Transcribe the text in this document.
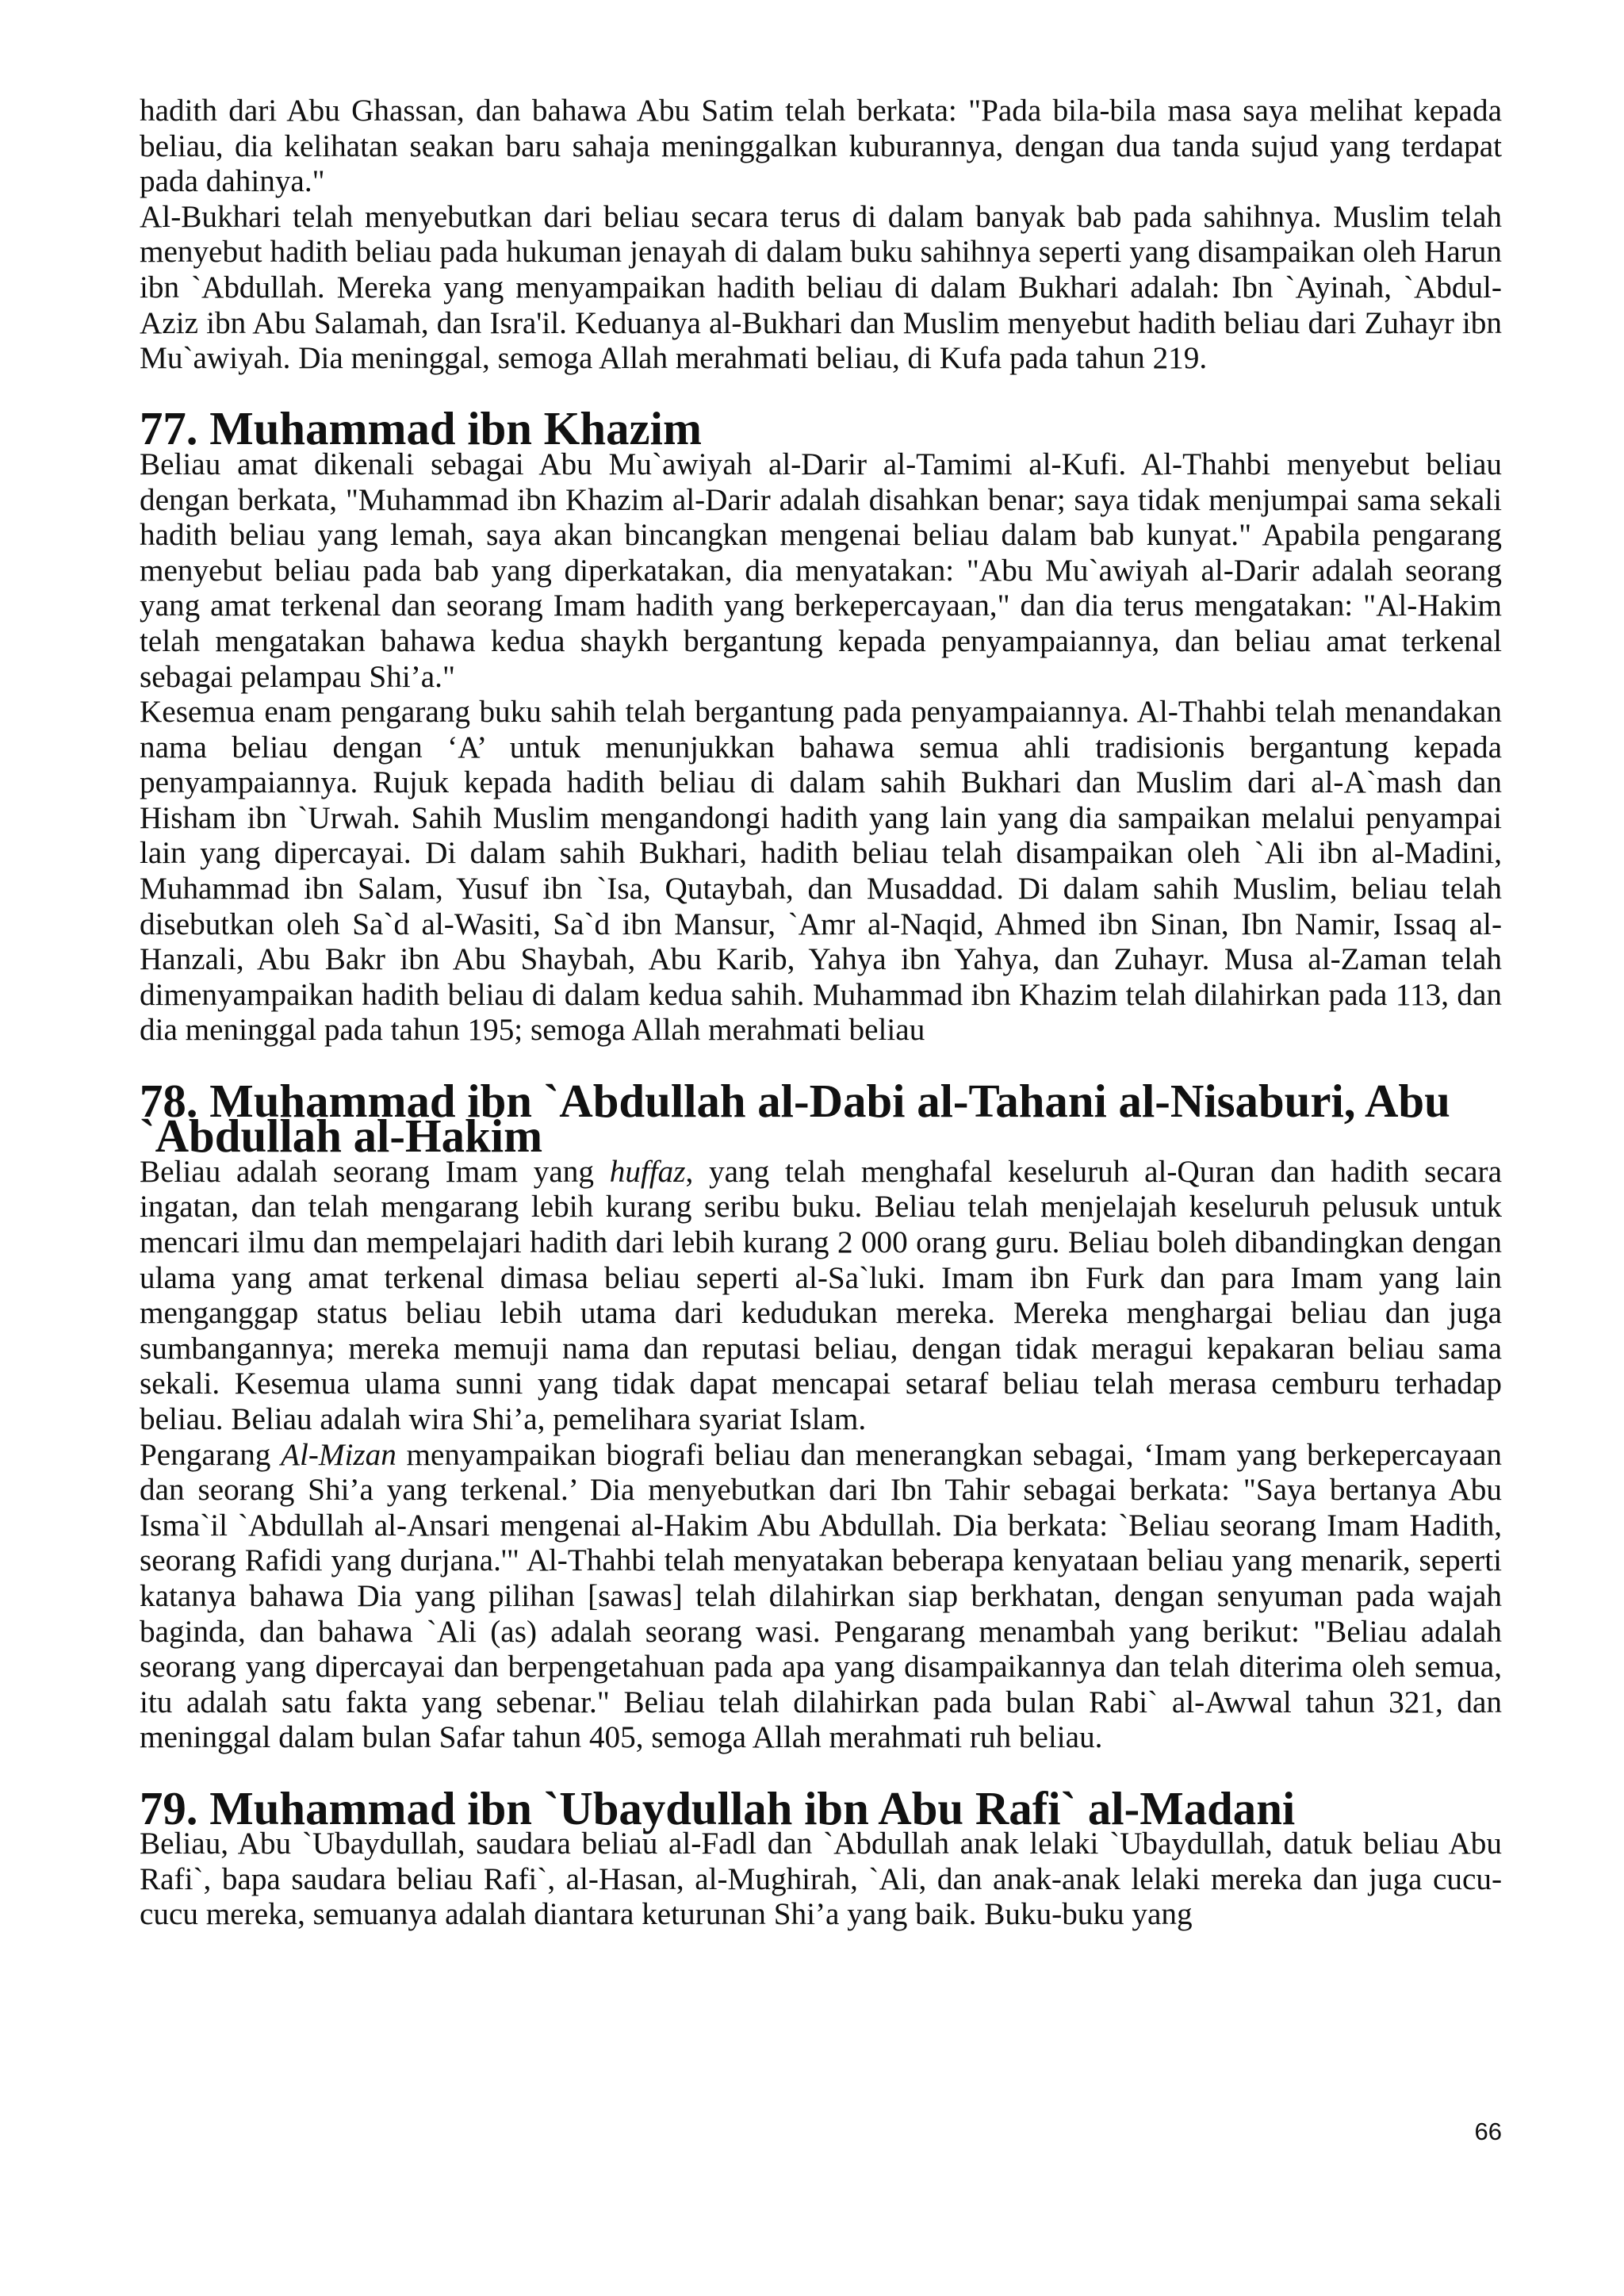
hadith dari Abu Ghassan, dan bahawa Abu Satim telah berkata: "Pada bila-bila masa saya melihat kepada beliau, dia kelihatan seakan baru sahaja meninggalkan kuburannya, dengan dua tanda sujud yang terdapat pada dahinya."

Al-Bukhari telah menyebutkan dari beliau secara terus di dalam banyak bab pada sahihnya. Muslim telah menyebut hadith beliau pada hukuman jenayah di dalam buku sahihnya seperti yang disampaikan oleh Harun ibn `Abdullah. Mereka yang menyampaikan hadith beliau di dalam Bukhari adalah: Ibn `Ayinah, `Abdul-Aziz ibn Abu Salamah, dan Isra'il. Keduanya al-Bukhari dan Muslim menyebut hadith beliau dari Zuhayr ibn Mu`awiyah. Dia meninggal, semoga Allah merahmati beliau, di Kufa pada tahun 219.

77. Muhammad ibn Khazim

Beliau amat dikenali sebagai Abu Mu`awiyah al-Darir al-Tamimi al-Kufi. Al-Thahbi menyebut beliau dengan berkata, "Muhammad ibn Khazim al-Darir adalah disahkan benar; saya tidak menjumpai sama sekali hadith beliau yang lemah, saya akan bincangkan mengenai beliau dalam bab kunyat." Apabila pengarang menyebut beliau pada bab yang diperkatakan, dia menyatakan: "Abu Mu`awiyah al-Darir adalah seorang yang amat terkenal dan seorang Imam hadith yang berkepercayaan," dan dia terus mengatakan: "Al-Hakim telah mengatakan bahawa kedua shaykh bergantung kepada penyampaiannya, dan beliau amat terkenal sebagai pelampau Shi’a."

Kesemua enam pengarang buku sahih telah bergantung pada penyampaiannya. Al-Thahbi telah menandakan nama beliau dengan ‘A’ untuk menunjukkan bahawa semua ahli tradisionis bergantung kepada penyampaiannya. Rujuk kepada hadith beliau di dalam sahih Bukhari dan Muslim dari al-A`mash dan Hisham ibn `Urwah. Sahih Muslim mengandongi hadith yang lain yang dia sampaikan melalui penyampai lain yang dipercayai. Di dalam sahih Bukhari, hadith beliau telah disampaikan oleh `Ali ibn al-Madini, Muhammad ibn Salam, Yusuf ibn `Isa, Qutaybah, dan Musaddad. Di dalam sahih Muslim, beliau telah disebutkan oleh Sa`d al-Wasiti, Sa`d ibn Mansur, `Amr al-Naqid, Ahmed ibn Sinan, Ibn Namir, Issaq al-Hanzali, Abu Bakr ibn Abu Shaybah, Abu Karib, Yahya ibn Yahya, dan Zuhayr. Musa al-Zaman telah dimenyampaikan hadith beliau di dalam kedua sahih. Muhammad ibn Khazim telah dilahirkan pada 113, dan dia meninggal pada tahun 195; semoga Allah merahmati beliau

78. Muhammad ibn `Abdullah al-Dabi al-Tahani al-Nisaburi, Abu `Abdullah al-Hakim

Beliau adalah seorang Imam yang huffaz, yang telah menghafal keseluruh al-Quran dan hadith secara ingatan, dan telah mengarang lebih kurang seribu buku. Beliau telah menjelajah keseluruh pelusuk untuk mencari ilmu dan mempelajari hadith dari lebih kurang 2 000 orang guru. Beliau boleh dibandingkan dengan ulama yang amat terkenal dimasa beliau seperti al-Sa`luki. Imam ibn Furk dan para Imam yang lain menganggap status beliau lebih utama dari kedudukan mereka. Mereka menghargai beliau dan juga sumbangannya; mereka memuji nama dan reputasi beliau, dengan tidak meragui kepakaran beliau sama sekali. Kesemua ulama sunni yang tidak dapat mencapai setaraf beliau telah merasa cemburu terhadap beliau. Beliau adalah wira Shi’a, pemelihara syariat Islam.

Pengarang Al-Mizan menyampaikan biografi beliau dan menerangkan sebagai, ‘Imam yang berkepercayaan dan seorang Shi’a yang terkenal.’ Dia menyebutkan dari Ibn Tahir sebagai berkata: "Saya bertanya Abu Isma`il `Abdullah al-Ansari mengenai al-Hakim Abu Abdullah. Dia berkata: `Beliau seorang Imam Hadith, seorang Rafidi yang durjana.'" Al-Thahbi telah menyatakan beberapa kenyataan beliau yang menarik, seperti katanya bahawa Dia yang pilihan [sawas] telah dilahirkan siap berkhatan, dengan senyuman pada wajah baginda, dan bahawa `Ali (as) adalah seorang wasi. Pengarang menambah yang berikut: "Beliau adalah seorang yang dipercayai dan berpengetahuan pada apa yang disampaikannya dan telah diterima oleh semua, itu adalah satu fakta yang sebenar." Beliau telah dilahirkan pada bulan Rabi` al-Awwal tahun 321, dan meninggal dalam bulan Safar tahun 405, semoga Allah merahmati ruh beliau.

79. Muhammad ibn `Ubaydullah ibn Abu Rafi` al-Madani

Beliau, Abu `Ubaydullah, saudara beliau al-Fadl dan `Abdullah anak lelaki `Ubaydullah, datuk beliau Abu Rafi`, bapa saudara beliau Rafi`, al-Hasan, al-Mughirah, `Ali, dan anak-anak lelaki mereka dan juga cucu-cucu mereka, semuanya adalah diantara keturunan Shi’a yang baik. Buku-buku yang

66
